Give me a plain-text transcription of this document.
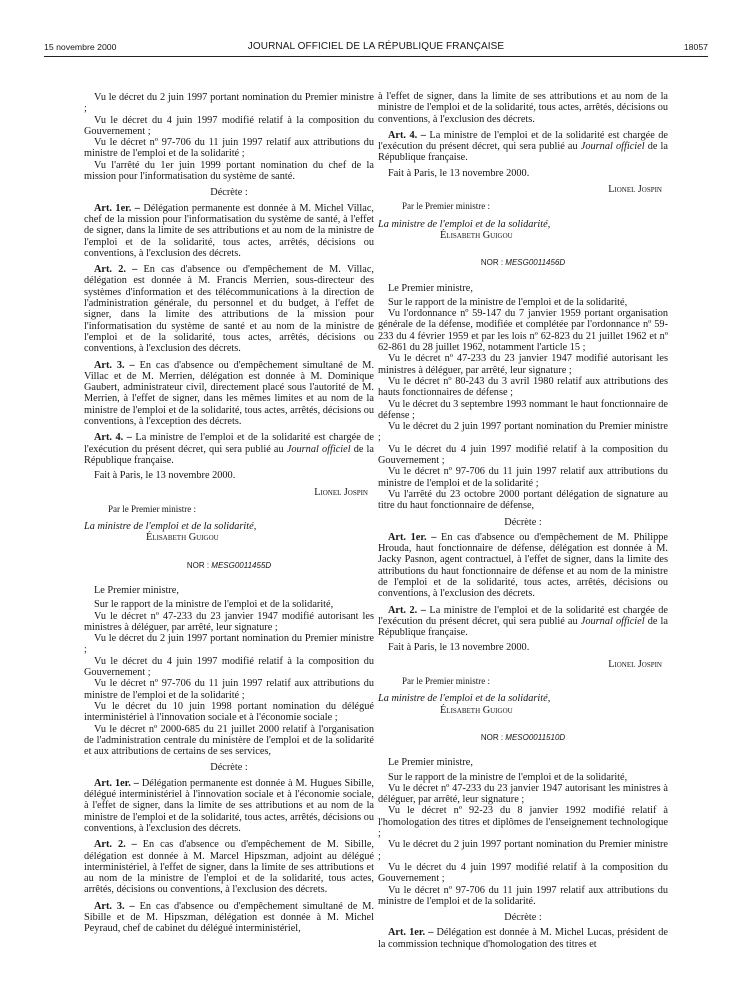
15 novembre 2000	JOURNAL OFFICIEL DE LA RÉPUBLIQUE FRANÇAISE	18057

Vu le décret du 2 juin 1997 portant nomination du Premier ministre ;

Vu le décret du 4 juin 1997 modifié relatif à la composition du Gouvernement ;

Vu le décret nº 97-706 du 11 juin 1997 relatif aux attributions du ministre de l'emploi et de la solidarité ;

Vu l'arrêté du 1er juin 1999 portant nomination du chef de la mission pour l'informatisation du système de santé.

Décrète :

Art. 1er. – Délégation permanente est donnée à M. Michel Villac, chef de la mission pour l'informatisation du système de santé, à l'effet de signer, dans la limite de ses attributions et au nom de la ministre de l'emploi et de la solidarité, tous actes, arrêtés, décisions ou conventions, à l'exclusion des décrets.

Art. 2. – En cas d'absence ou d'empêchement de M. Villac, délégation est donnée à M. Francis Merrien, sous-directeur des systèmes d'information et des télécommunications à la direction de l'administration générale, du personnel et du budget, à l'effet de signer, dans la limite des attributions de la mission pour l'informatisation du système de santé et au nom de la ministre de l'emploi et de la solidarité, tous actes, arrêtés, décisions ou conventions, à l'exclusion des décrets.

Art. 3. – En cas d'absence ou d'empêchement simultané de M. Villac et de M. Merrien, délégation est donnée à M. Dominique Gaubert, administrateur civil, directement placé sous l'autorité de M. Merrien, à l'effet de signer, dans les mêmes limites et au nom de la ministre de l'emploi et de la solidarité, tous actes, arrêtés, décisions ou conventions, à l'exception des décrets.

Art. 4. – La ministre de l'emploi et de la solidarité est chargée de l'exécution du présent décret, qui sera publié au Journal officiel de la République française.

Fait à Paris, le 13 novembre 2000.
Lionel Jospin
Par le Premier ministre :
La ministre de l'emploi et de la solidarité,
Élisabeth Guigou
NOR : MESG0011455D

Le Premier ministre,

Sur le rapport de la ministre de l'emploi et de la solidarité,

Vu le décret nº 47-233 du 23 janvier 1947 modifié autorisant les ministres à déléguer, par arrêté, leur signature ;

Vu le décret du 2 juin 1997 portant nomination du Premier ministre ;

Vu le décret du 4 juin 1997 modifié relatif à la composition du Gouvernement ;

Vu le décret nº 97-706 du 11 juin 1997 relatif aux attributions du ministre de l'emploi et de la solidarité ;

Vu le décret du 10 juin 1998 portant nomination du délégué interministériel à l'innovation sociale et à l'économie sociale ;

Vu le décret nº 2000-685 du 21 juillet 2000 relatif à l'organisation de l'administration centrale du ministère de l'emploi et de la solidarité et aux attributions de certains de ses services,

Décrète :

Art. 1er. – Délégation permanente est donnée à M. Hugues Sibille, délégué interministériel à l'innovation sociale et à l'économie sociale, à l'effet de signer, dans la limite de ses attributions et au nom de la ministre de l'emploi et de la solidarité, tous actes, arrêtés, décisions ou conventions, à l'exclusion des décrets.

Art. 2. – En cas d'absence ou d'empêchement de M. Sibille, délégation est donnée à M. Marcel Hipszman, adjoint au délégué interministériel, à l'effet de signer, dans la limite de ses attributions et au nom de la ministre de l'emploi et de la solidarité, tous actes, arrêtés, décisions ou conventions, à l'exclusion des décrets.

Art. 3. – En cas d'absence ou d'empêchement simultané de M. Sibille et de M. Hipszman, délégation est donnée à M. Michel Peyraud, chef de cabinet du délégué interministériel,

à l'effet de signer, dans la limite de ses attributions et au nom de la ministre de l'emploi et de la solidarité, tous actes, arrêtés, décisions ou conventions, à l'exclusion des décrets.

Art. 4. – La ministre de l'emploi et de la solidarité est chargée de l'exécution du présent décret, qui sera publié au Journal officiel de la République française.

Fait à Paris, le 13 novembre 2000.
Lionel Jospin
Par le Premier ministre :
La ministre de l'emploi et de la solidarité,
Élisabeth Guigou
NOR : MESG0011456D

Le Premier ministre,

Sur le rapport de la ministre de l'emploi et de la solidarité,

Vu l'ordonnance nº 59-147 du 7 janvier 1959 portant organisation générale de la défense, modifiée et complétée par l'ordonnance nº 59-233 du 4 février 1959 et par les lois nº 62-823 du 21 juillet 1962 et nº 62-861 du 28 juillet 1962, notamment l'article 15 ;

Vu le décret nº 47-233 du 23 janvier 1947 modifié autorisant les ministres à déléguer, par arrêté, leur signature ;

Vu le décret nº 80-243 du 3 avril 1980 relatif aux attributions des hauts fonctionnaires de défense ;

Vu le décret du 3 septembre 1993 nommant le haut fonctionnaire de défense ;

Vu le décret du 2 juin 1997 portant nomination du Premier ministre ;

Vu le décret du 4 juin 1997 modifié relatif à la composition du Gouvernement ;

Vu le décret nº 97-706 du 11 juin 1997 relatif aux attributions du ministre de l'emploi et de la solidarité ;

Vu l'arrêté du 23 octobre 2000 portant délégation de signature au titre du haut fonctionnaire de défense,

Décrète :

Art. 1er. – En cas d'absence ou d'empêchement de M. Philippe Hrouda, haut fonctionnaire de défense, délégation est donnée à M. Jacky Pasnon, agent contractuel, à l'effet de signer, dans la limite des attributions du haut fonctionnaire de défense et au nom de la ministre de l'emploi et de la solidarité, tous actes, arrêtés, décisions ou conventions, à l'exclusion des décrets.

Art. 2. – La ministre de l'emploi et de la solidarité est chargée de l'exécution du présent décret, qui sera publié au Journal officiel de la République française.

Fait à Paris, le 13 novembre 2000.
Lionel Jospin
Par le Premier ministre :
La ministre de l'emploi et de la solidarité,
Élisabeth Guigou
NOR : MESO0011510D

Le Premier ministre,

Sur le rapport de la ministre de l'emploi et de la solidarité,

Vu le décret nº 47-233 du 23 janvier 1947 autorisant les ministres à déléguer, par arrêté, leur signature ;

Vu le décret nº 92-23 du 8 janvier 1992 modifié relatif à l'homologation des titres et diplômes de l'enseignement technologique ;

Vu le décret du 2 juin 1997 portant nomination du Premier ministre ;

Vu le décret du 4 juin 1997 modifié relatif à la composition du Gouvernement ;

Vu le décret nº 97-706 du 11 juin 1997 relatif aux attributions du ministre de l'emploi et de la solidarité.

Décrète :

Art. 1er. – Délégation est donnée à M. Michel Lucas, président de la commission technique d'homologation des titres et
